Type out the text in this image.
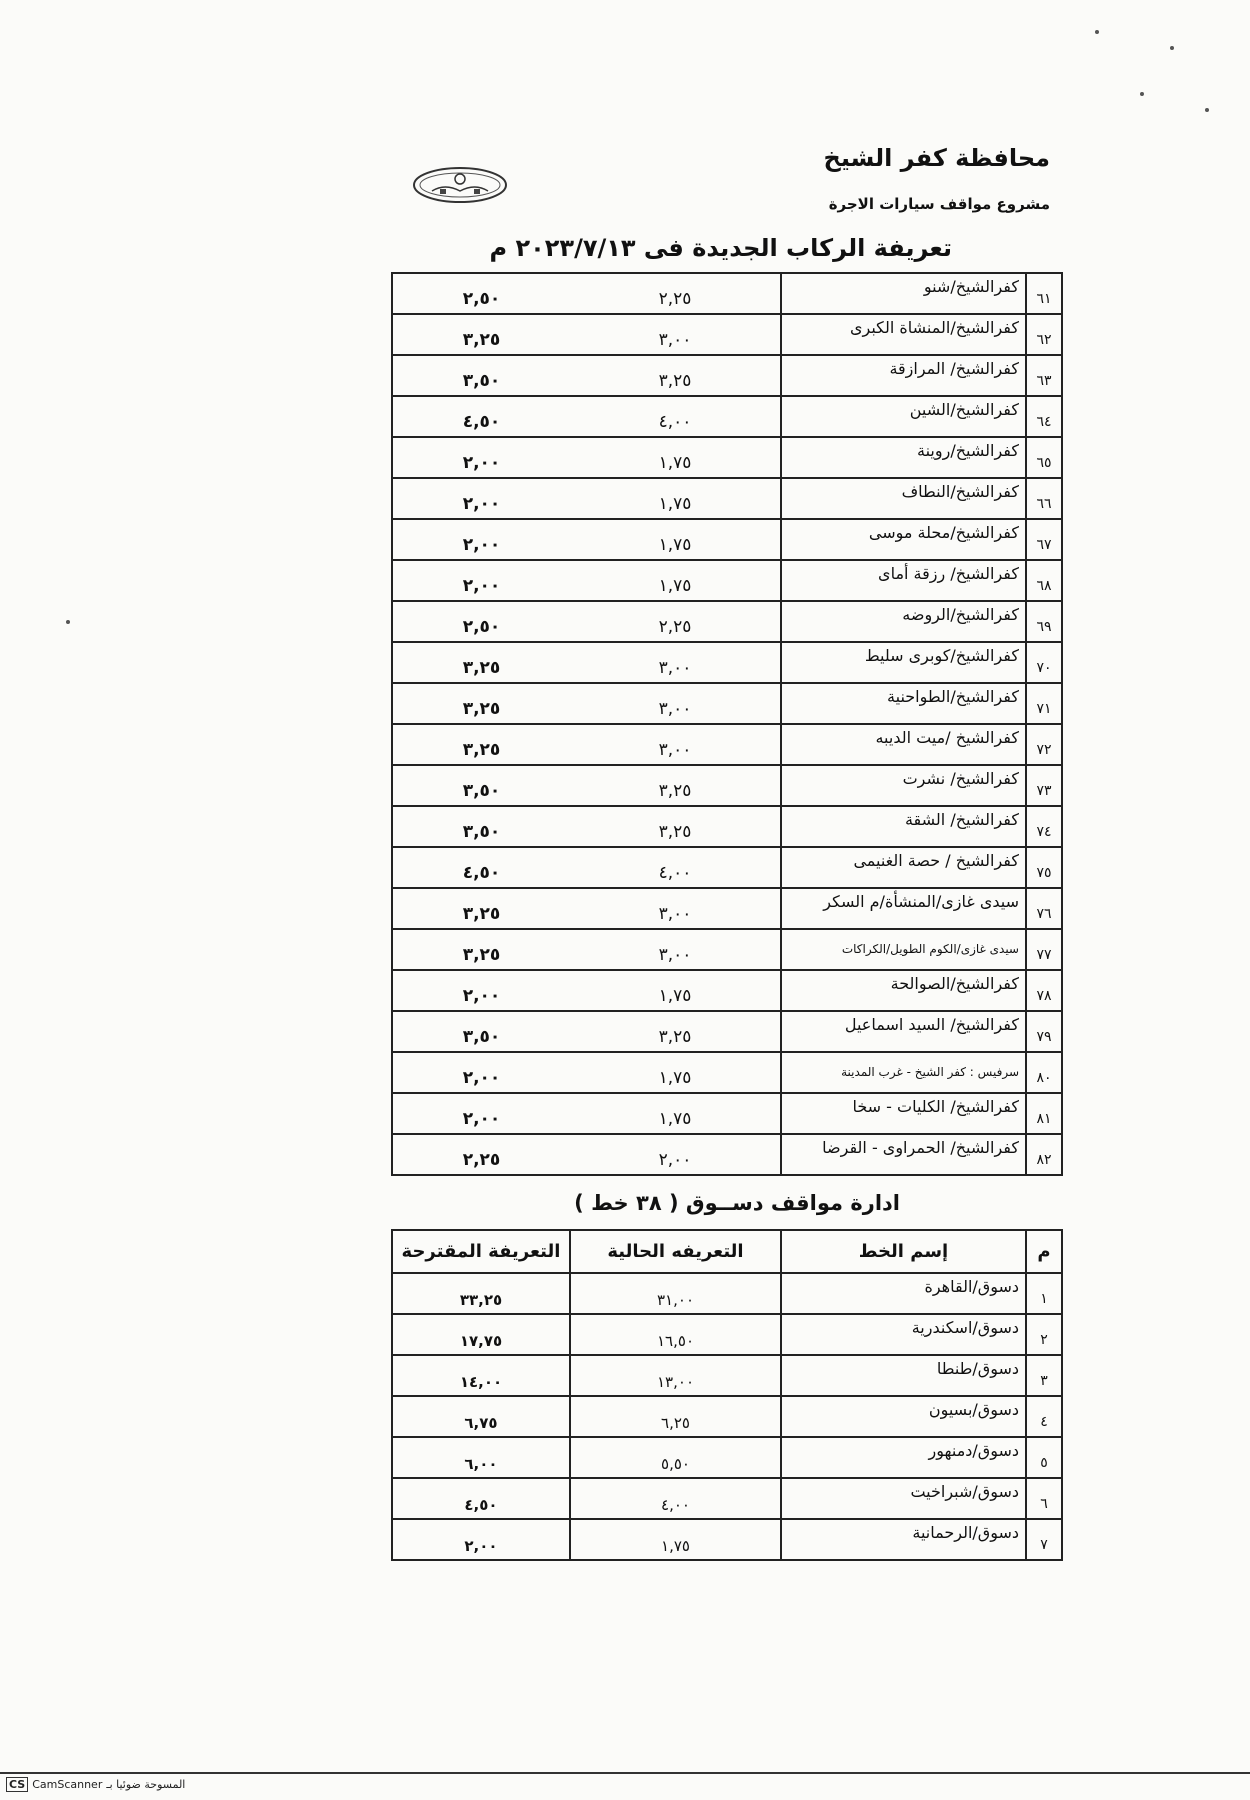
محافظة كفر الشيخ
مشروع مواقف سيارات الاجرة
تعريفة الركاب الجديدة فى ٢٠٢٣/٧/١٣ م
٦١	كفرالشيخ/شنو	٢,٢٥	٢,٥٠
٦٢	كفرالشيخ/المنشاة الكبرى	٣,٠٠	٣,٢٥
٦٣	كفرالشيخ/ المرازقة	٣,٢٥	٣,٥٠
٦٤	كفرالشيخ/الشين	٤,٠٠	٤,٥٠
٦٥	كفرالشيخ/روينة	١,٧٥	٢,٠٠
٦٦	كفرالشيخ/النطاف	١,٧٥	٢,٠٠
٦٧	كفرالشيخ/محلة موسى	١,٧٥	٢,٠٠
٦٨	كفرالشيخ/ رزقة أماى	١,٧٥	٢,٠٠
٦٩	كفرالشيخ/الروضه	٢,٢٥	٢,٥٠
٧٠	كفرالشيخ/كوبرى سليط	٣,٠٠	٣,٢٥
٧١	كفرالشيخ/الطواحنية	٣,٠٠	٣,٢٥
٧٢	كفرالشيخ /ميت الديبه	٣,٠٠	٣,٢٥
٧٣	كفرالشيخ/ نشرت	٣,٢٥	٣,٥٠
٧٤	كفرالشيخ/ الشقة	٣,٢٥	٣,٥٠
٧٥	كفرالشيخ / حصة الغنيمى	٤,٠٠	٤,٥٠
٧٦	سيدى غازى/المنشأة/م السكر	٣,٠٠	٣,٢٥
٧٧	سيدى غازى/الكوم الطويل/الكراكات	٣,٠٠	٣,٢٥
٧٨	كفرالشيخ/الصوالحة	١,٧٥	٢,٠٠
٧٩	كفرالشيخ/ السيد اسماعيل	٣,٢٥	٣,٥٠
٨٠	سرفيس : كفر الشيخ - غرب المدينة	١,٧٥	٢,٠٠
٨١	كفرالشيخ/ الكليات - سخا	١,٧٥	٢,٠٠
٨٢	كفرالشيخ/ الحمراوى - القرضا	٢,٠٠	٢,٢٥
ادارة مواقف دســوق ( ٣٨ خط )
م	إسم الخط	التعريفه الحالية	التعريفة المقترحة
١	دسوق/القاهرة	٣١,٠٠	٣٣,٢٥
٢	دسوق/اسكندرية	١٦,٥٠	١٧,٧٥
٣	دسوق/طنطا	١٣,٠٠	١٤,٠٠
٤	دسوق/بسيون	٦,٢٥	٦,٧٥
٥	دسوق/دمنهور	٥,٥٠	٦,٠٠
٦	دسوق/شبراخيت	٤,٠٠	٤,٥٠
٧	دسوق/الرحمانية	١,٧٥	٢,٠٠
CS CamScanner المسوحة ضوئيا بـ
